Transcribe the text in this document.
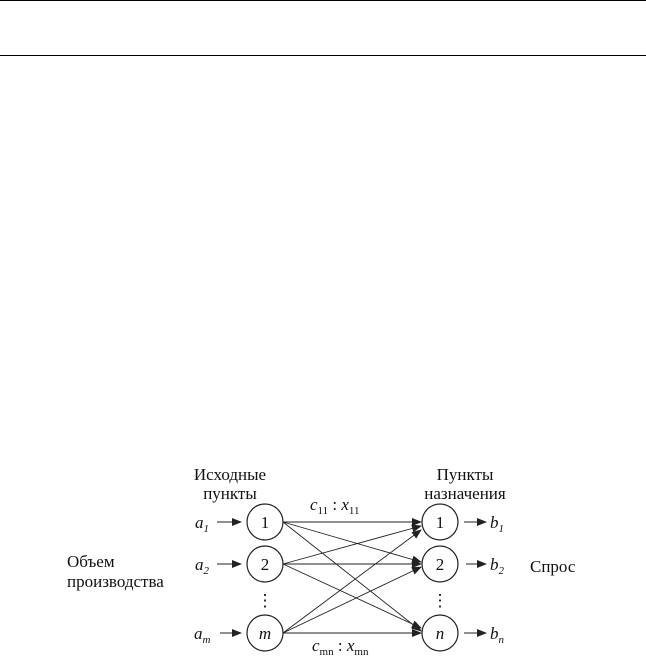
Исходные
пункты
Пункты
назначения
Объем
производства
Спрос
$c_{11}$ : $x_{11}$
$c_{mn}$ : $x_{mn}$
$a_1$
$a_2$
$a_m$
1
2
⋮
m
1
2
⋮
n
$b_1$
$b_2$
$b_n$
